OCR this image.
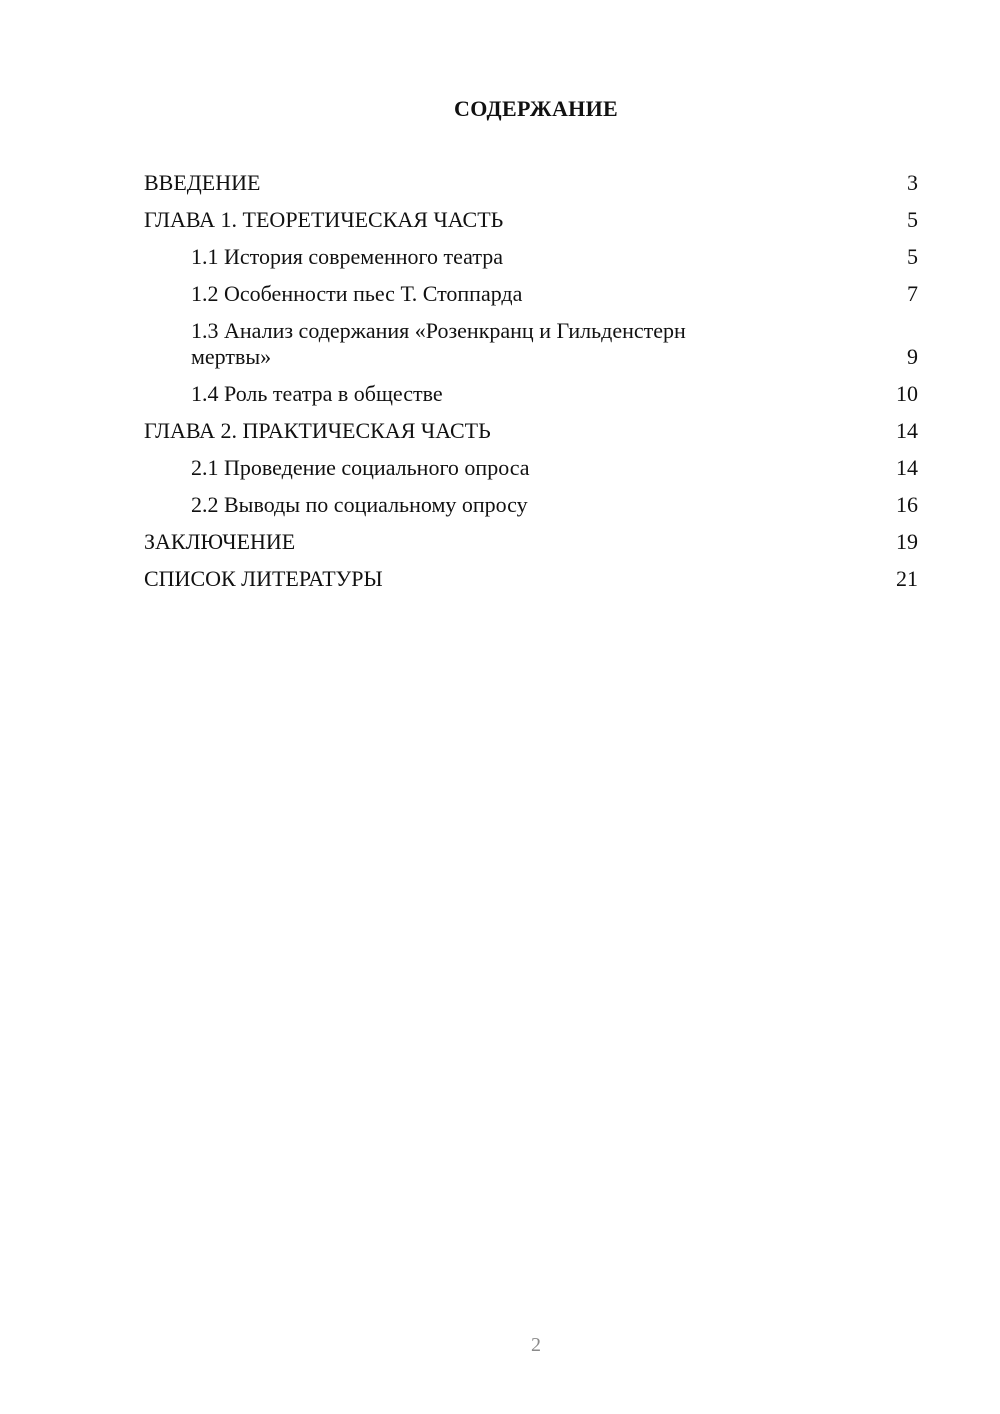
СОДЕРЖАНИЕ
ВВЕДЕНИЕ	3
ГЛАВА 1. ТЕОРЕТИЧЕСКАЯ ЧАСТЬ	5
1.1 История современного театра	5
1.2 Особенности пьес Т. Стоппарда	7
1.3 Анализ содержания «Розенкранц и Гильденстерн мертвы»	9
1.4 Роль театра в обществе	10
ГЛАВА 2. ПРАКТИЧЕСКАЯ ЧАСТЬ	14
2.1 Проведение социального опроса	14
2.2 Выводы по социальному опросу	16
ЗАКЛЮЧЕНИЕ	19
СПИСОК ЛИТЕРАТУРЫ	21
2
